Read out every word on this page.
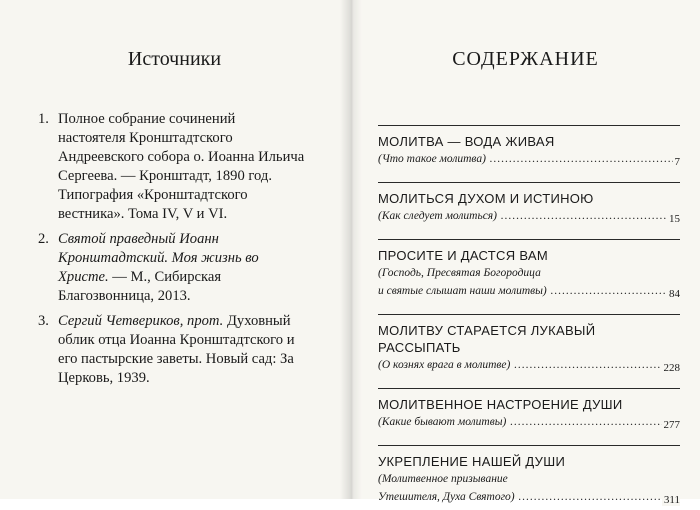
Источники
1. Полное собрание сочинений настоятеля Кронштадтского Андреевского собора о. Иоанна Ильича Сергеева. — Кронштадт, 1890 год. Типография «Кронштадтского вестника». Тома IV, V и VI.
2. Святой праведный Иоанн Кронштадтский. Моя жизнь во Христе. — М., Сибирская Благозвонница, 2013.
3. Сергий Четвериков, прот. Духовный облик отца Иоанна Кронштадтского и его пастырские заветы. Новый сад: За Церковь, 1939.
СОДЕРЖАНИЕ
МОЛИТВА — ВОДА ЖИВАЯ
(Что такое молитва) .....	7
МОЛИТЬСЯ ДУХОМ И ИСТИНОЮ
(Как следует молиться) .....	15
ПРОСИТЕ И ДАСТСЯ ВАМ
(Господь, Пресвятая Богородица
и святые слышат наши молитвы) .....	84
МОЛИТВУ СТАРАЕТСЯ ЛУКАВЫЙ РАССЫПАТЬ
(О кознях врага в молитве) .....	228
МОЛИТВЕННОЕ НАСТРОЕНИЕ ДУШИ
(Какие бывают молитвы) .....	277
УКРЕПЛЕНИЕ НАШЕЙ ДУШИ
(Молитвенное призывание
Утешителя, Духа Святого) .....	311
